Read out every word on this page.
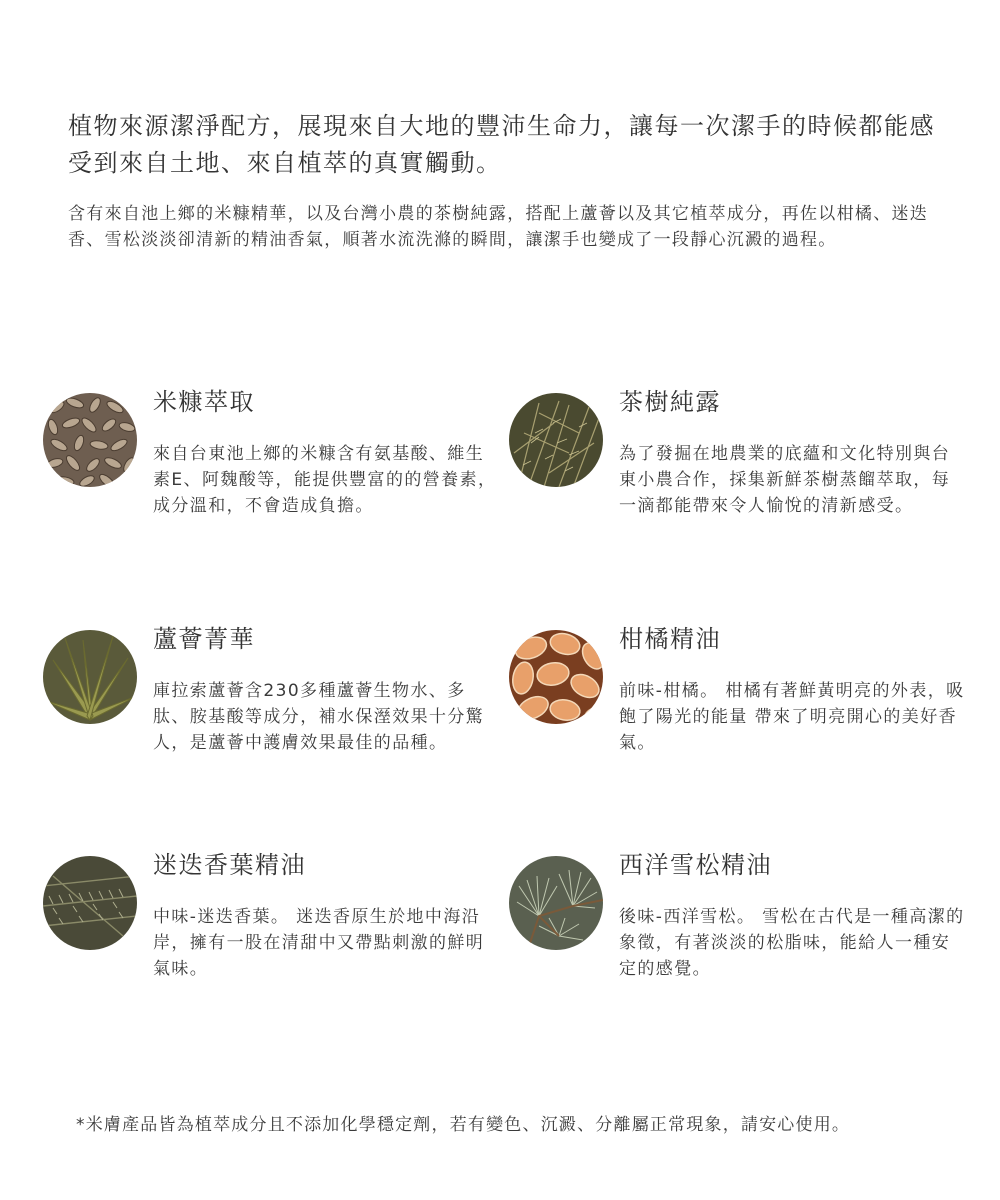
植物來源潔淨配方，展現來自大地的豐沛生命力，讓每一次潔手的時候都能感受到來自土地、來自植萃的真實觸動。

含有來自池上鄉的米糠精華，以及台灣小農的茶樹純露，搭配上蘆薈以及其它植萃成分，再佐以柑橘、迷迭香、雪松淡淡卻清新的精油香氣，順著水流洗滌的瞬間，讓潔手也變成了一段靜心沉澱的過程。

米糠萃取

來自台東池上鄉的米糠含有氨基酸、維生素E、阿魏酸等，能提供豐富的的營養素，成分溫和，不會造成負擔。

茶樹純露

為了發掘在地農業的底蘊和文化特別與台東小農合作，採集新鮮茶樹蒸餾萃取，每一滴都能帶來令人愉悅的清新感受。

蘆薈菁華

庫拉索蘆薈含230多種蘆薈生物水、多肽、胺基酸等成分，補水保溼效果十分驚人，是蘆薈中護膚效果最佳的品種。

柑橘精油

前味-柑橘。 柑橘有著鮮黃明亮的外表，吸飽了陽光的能量 帶來了明亮開心的美好香氣。

迷迭香葉精油

中味-迷迭香葉。 迷迭香原生於地中海沿岸，擁有一股在清甜中又帶點刺激的鮮明氣味。

西洋雪松精油

後味-西洋雪松。 雪松在古代是一種高潔的象徵，有著淡淡的松脂味，能給人一種安定的感覺。

*米膚產品皆為植萃成分且不添加化學穩定劑，若有變色、沉澱、分離屬正常現象，請安心使用。
